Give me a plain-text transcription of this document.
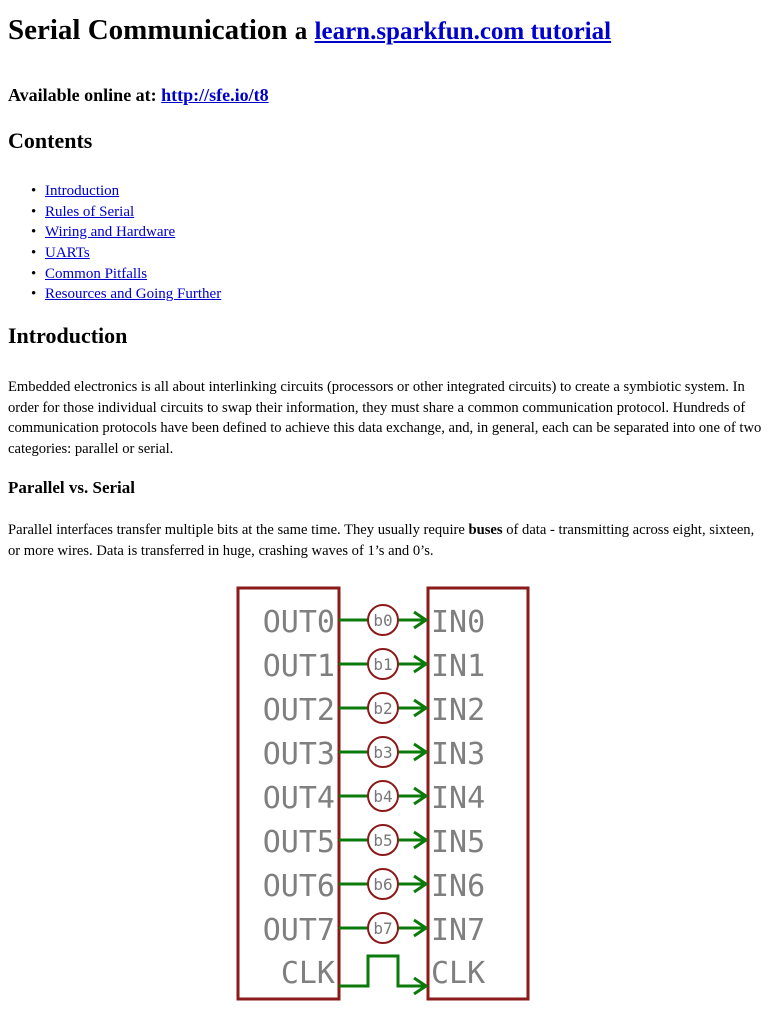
Serial Communication a learn.sparkfun.com tutorial
Available online at: http://sfe.io/t8
Contents
• Introduction
• Rules of Serial
• Wiring and Hardware
• UARTs
• Common Pitfalls
• Resources and Going Further
Introduction

Embedded electronics is all about interlinking circuits (processors or other integrated circuits) to create a symbiotic system. In order for those individual circuits to swap their information, they must share a common communication protocol. Hundreds of communication protocols have been defined to achieve this data exchange, and, in general, each can be separated into one of two categories: parallel or serial.

Parallel vs. Serial

Parallel interfaces transfer multiple bits at the same time. They usually require buses of data - transmitting across eight, sixteen, or more wires. Data is transferred in huge, crashing waves of 1’s and 0’s.

b0
OUT0	IN0
b1
OUT1	IN1
b2
OUT2	IN2
b3
OUT3	IN3
b4
OUT4	IN4
b5
OUT5	IN5
b6
OUT6	IN6
b7
OUT7	IN7
CLK	CLK
